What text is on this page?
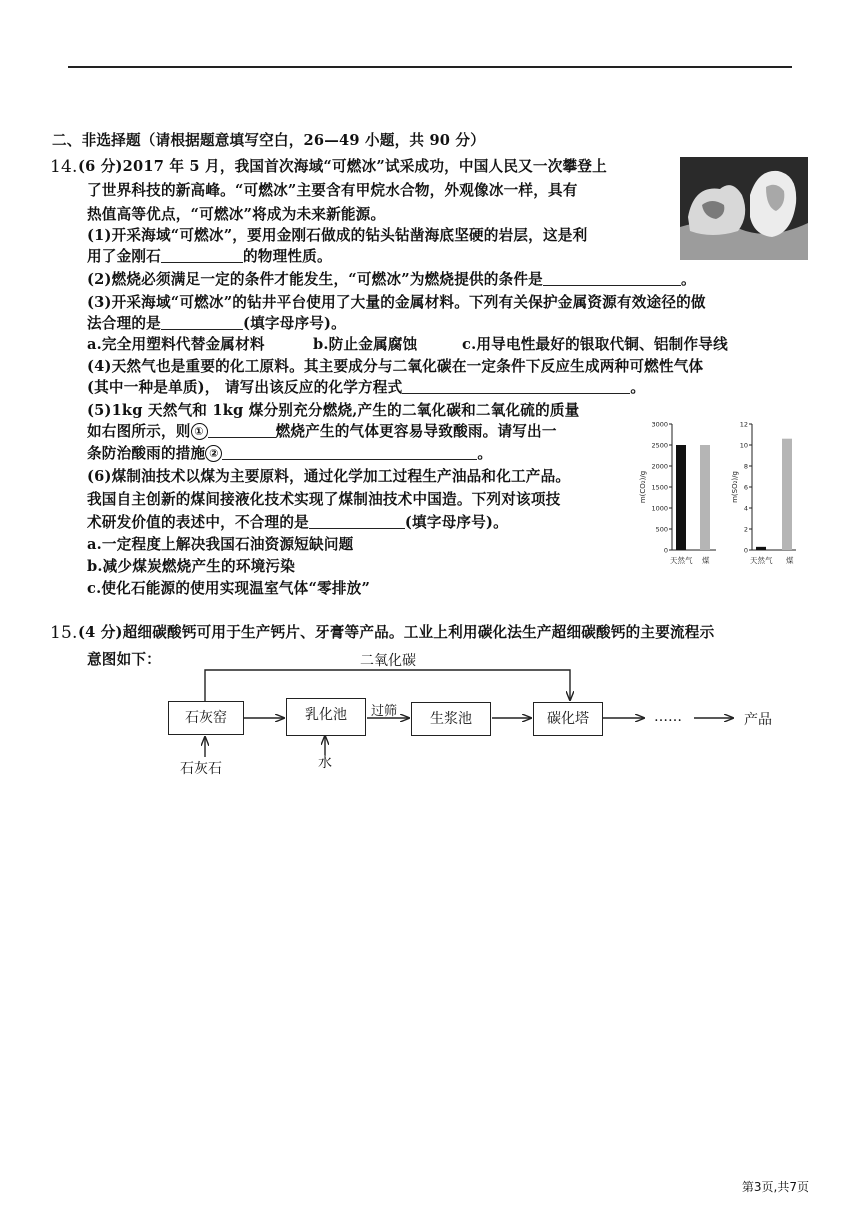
二、非选择题（请根据题意填写空白，26—49 小题，共 90 分）
14. (6 分)2017 年 5 月，我国首次海域“可燃冰”试采成功，中国人民又一次攀登上
了世界科技的新高峰。“可燃冰”主要含有甲烷水合物，外观像冰一样，具有
热值高等优点，“可燃冰”将成为未来新能源。
(1)开采海域“可燃冰”，要用金刚石做成的钻头钻凿海底坚硬的岩层，这是利
用了金刚石	的物理性质。
(2)燃烧必须满足一定的条件才能发生，“可燃冰”为燃烧提供的条件是	。
(3)开采海域“可燃冰”的钻井平台使用了大量的金属材料。下列有关保护金属资源有效途径的做
法合理的是	(填字母序号)。
a.完全用塑料代替金属材料	b.防止金属腐蚀	c.用导电性最好的银取代铜、铝制作导线
(4)天然气也是重要的化工原料。其主要成分与二氧化碳在一定条件下反应生成两种可燃性气体
(其中一种是单质)， 请写出该反应的化学方程式	。
(5)1kg 天然气和 1kg 煤分别充分燃烧,产生的二氧化碳和二氧化硫的质量
如右图所示，则 ①	燃烧产生的气体更容易导致酸雨。请写出一
条防治酸雨的措施 ②	。
(6)煤制油技术以煤为主要原料，通过化学加工过程生产油品和化工产品。
我国自主创新的煤间接液化技术实现了煤制油技术中国造。下列对该项技
术研发价值的表述中，不合理的是	(填字母序号)。
a.一定程度上解决我国石油资源短缺问题
b.减少煤炭燃烧产生的环境污染
c.使化石能源的使用实现温室气体“零排放”
0
500
1000
1500
2000
2500
3000
天然气 煤
m(CO₂)/g
0
2
4
6
8
10
12
天然气 煤
m(SO₂)/g
15. (4 分)超细碳酸钙可用于生产钙片、牙膏等产品。工业上利用碳化法生产超细碳酸钙的主要流程示
意图如下：	二氧化碳
石灰窑	乳化池	过筛	生浆池	碳化塔	……	产品
石灰石	水
第3页,共7页
